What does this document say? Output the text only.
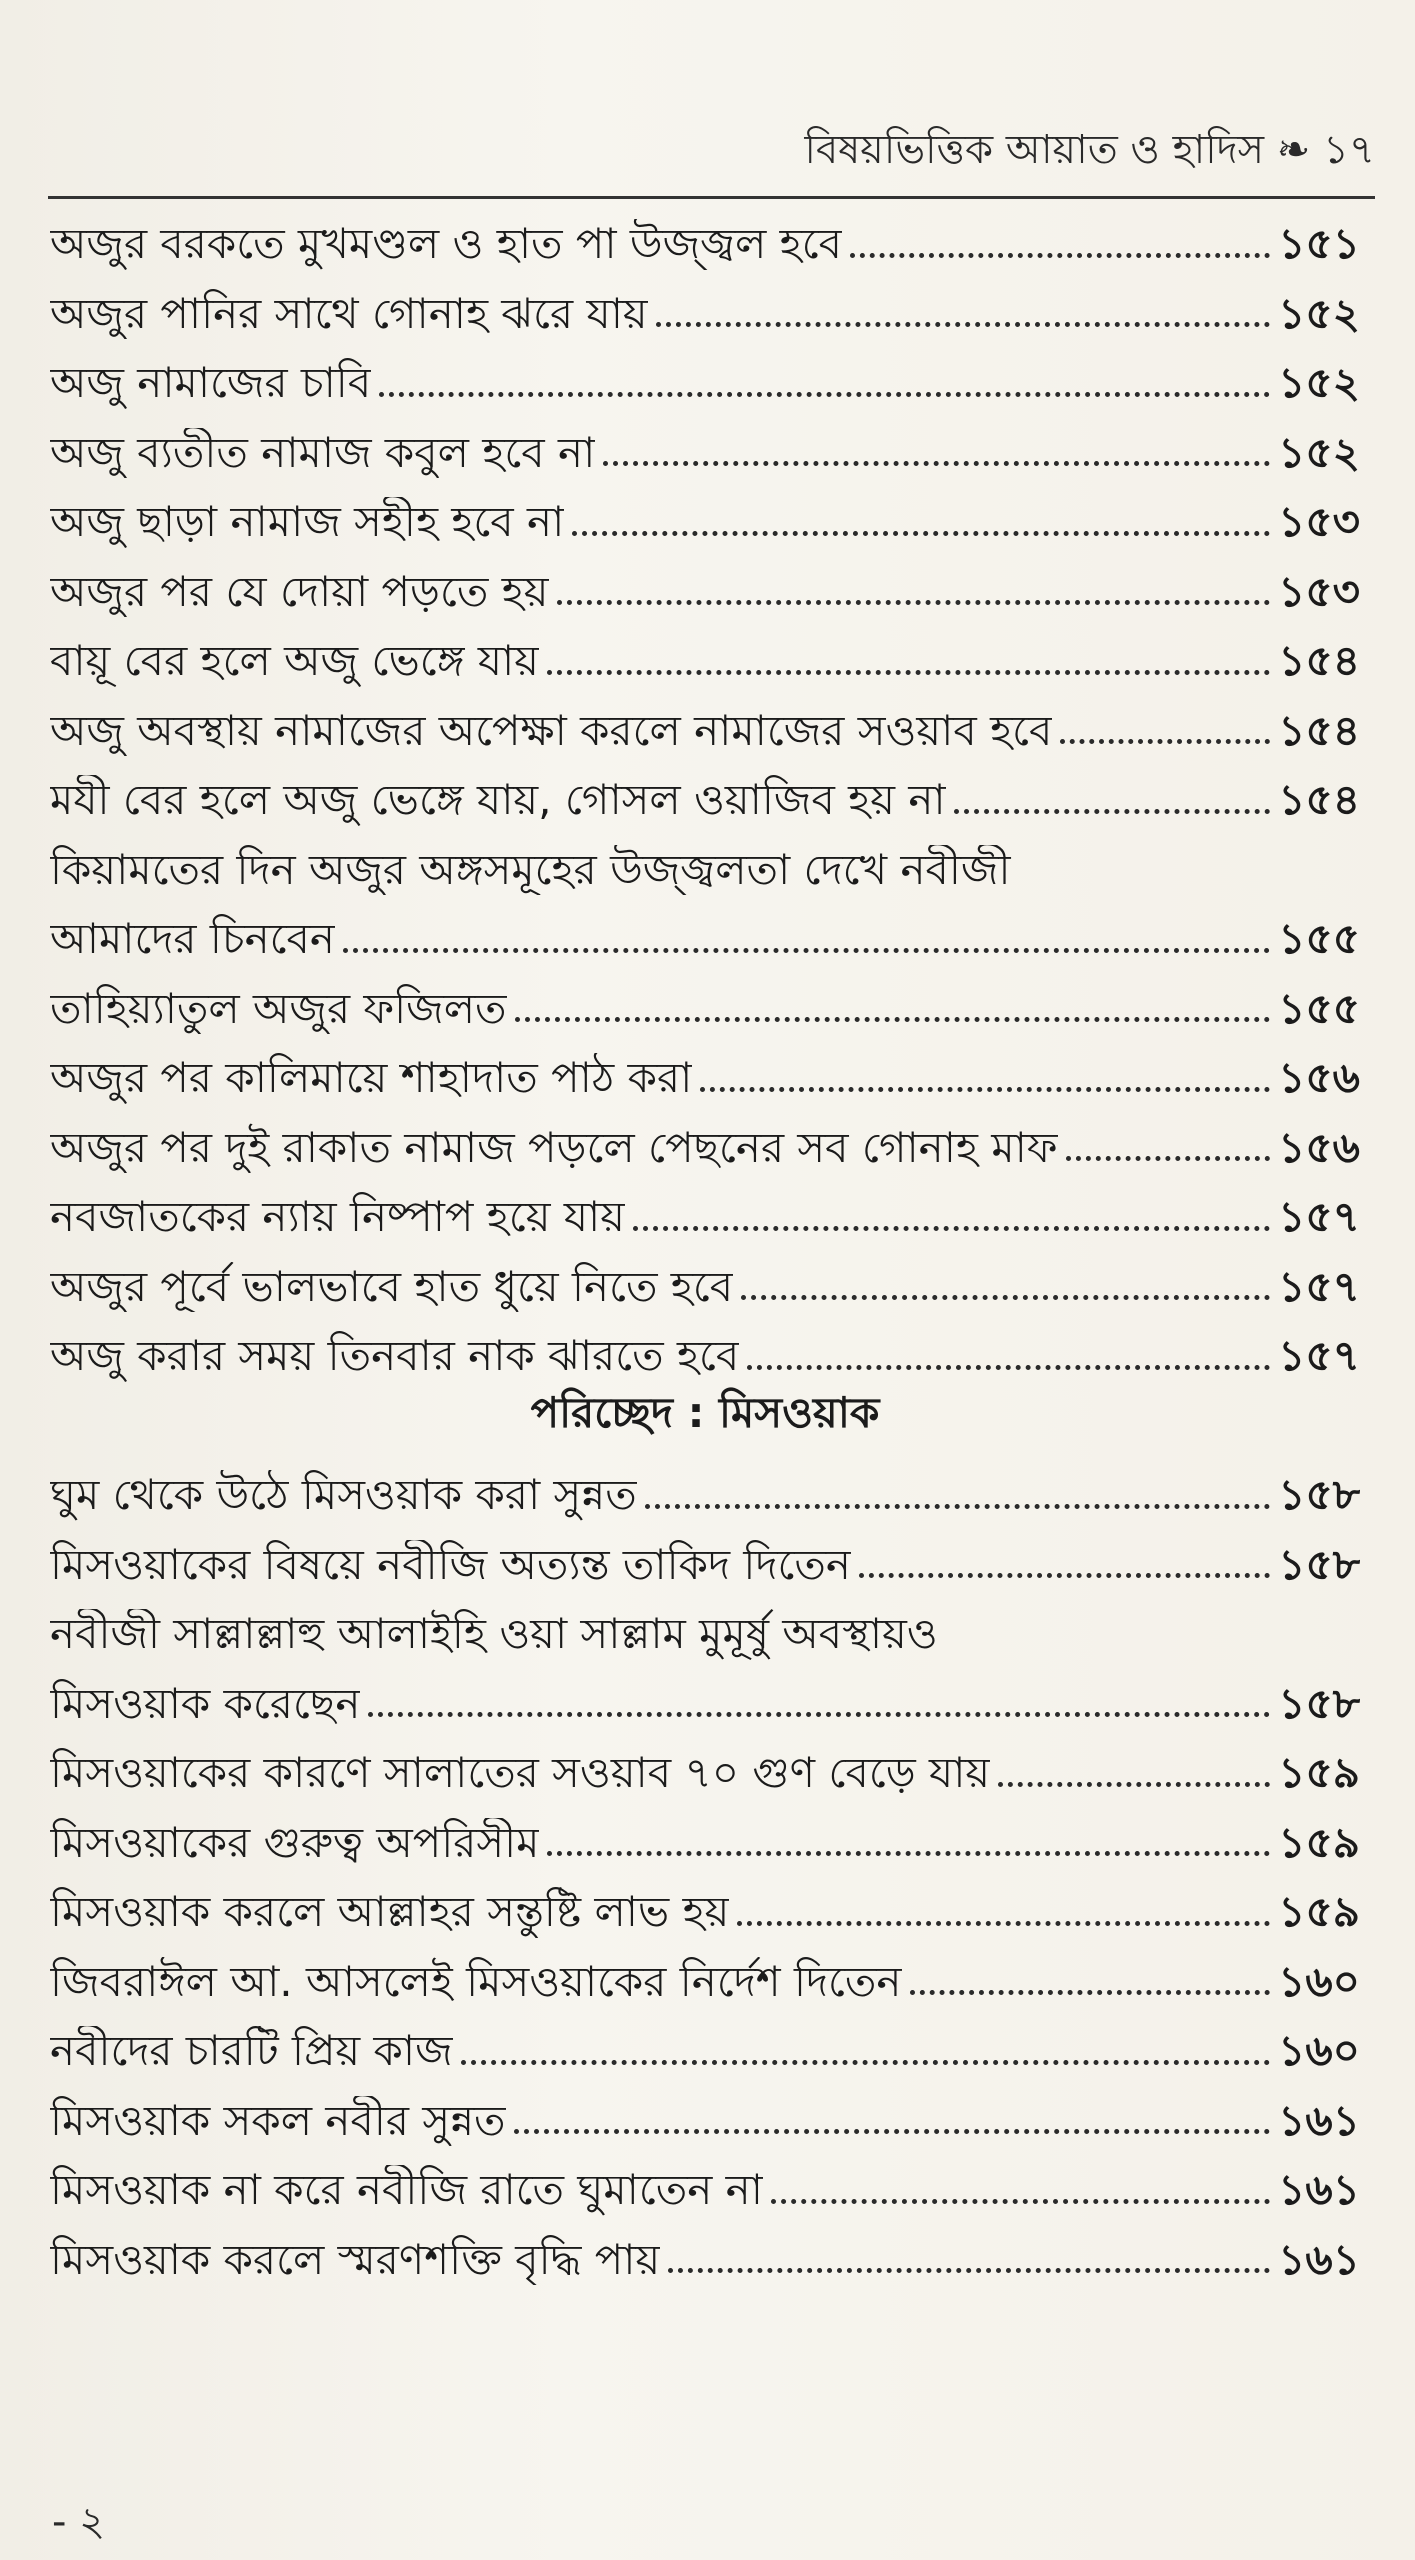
বিষয়ভিত্তিক আয়াত ও হাদিস ❧ ১৭
অজুর বরকতে মুখমণ্ডল ও হাত পা উজ্জ্বল হবে	১৫১
অজুর পানির সাথে গোনাহ ঝরে যায়	১৫২
অজু নামাজের চাবি	১৫২
অজু ব্যতীত নামাজ কবুল হবে না	১৫২
অজু ছাড়া নামাজ সহীহ হবে না	১৫৩
অজুর পর যে দোয়া পড়তে হয়	১৫৩
বায়ূ বের হলে অজু ভেঙ্গে যায়	১৫৪
অজু অবস্থায় নামাজের অপেক্ষা করলে নামাজের সওয়াব হবে	১৫৪
মযী বের হলে অজু ভেঙ্গে যায়, গোসল ওয়াজিব হয় না	১৫৪
কিয়ামতের দিন অজুর অঙ্গসমূহের উজ্জ্বলতা দেখে নবীজী
আমাদের চিনবেন	১৫৫
তাহিয়্যাতুল অজুর ফজিলত	১৫৫
অজুর পর কালিমায়ে শাহাদাত পাঠ করা	১৫৬
অজুর পর দুই রাকাত নামাজ পড়লে পেছনের সব গোনাহ মাফ	১৫৬
নবজাতকের ন্যায় নিষ্পাপ হয়ে যায়	১৫৭
অজুর পূর্বে ভালভাবে হাত ধুয়ে নিতে হবে	১৫৭
অজু করার সময় তিনবার নাক ঝারতে হবে	১৫৭
পরিচ্ছেদ : মিসওয়াক
ঘুম থেকে উঠে মিসওয়াক করা সুন্নত	১৫৮
মিসওয়াকের বিষয়ে নবীজি অত্যন্ত তাকিদ দিতেন	১৫৮
নবীজী সাল্লাল্লাহু আলাইহি ওয়া সাল্লাম মুমূর্ষু অবস্থায়ও
মিসওয়াক করেছেন	১৫৮
মিসওয়াকের কারণে সালাতের সওয়াব ৭০ গুণ বেড়ে যায়	১৫৯
মিসওয়াকের গুরুত্ব অপরিসীম	১৫৯
মিসওয়াক করলে আল্লাহর সন্তুষ্টি লাভ হয়	১৫৯
জিবরাঈল আ. আসলেই মিসওয়াকের নির্দেশ দিতেন	১৬০
নবীদের চারটি প্রিয় কাজ	১৬০
মিসওয়াক সকল নবীর সুন্নত	১৬১
মিসওয়াক না করে নবীজি রাতে ঘুমাতেন না	১৬১
মিসওয়াক করলে স্মরণশক্তি বৃদ্ধি পায়	১৬১
- ২
